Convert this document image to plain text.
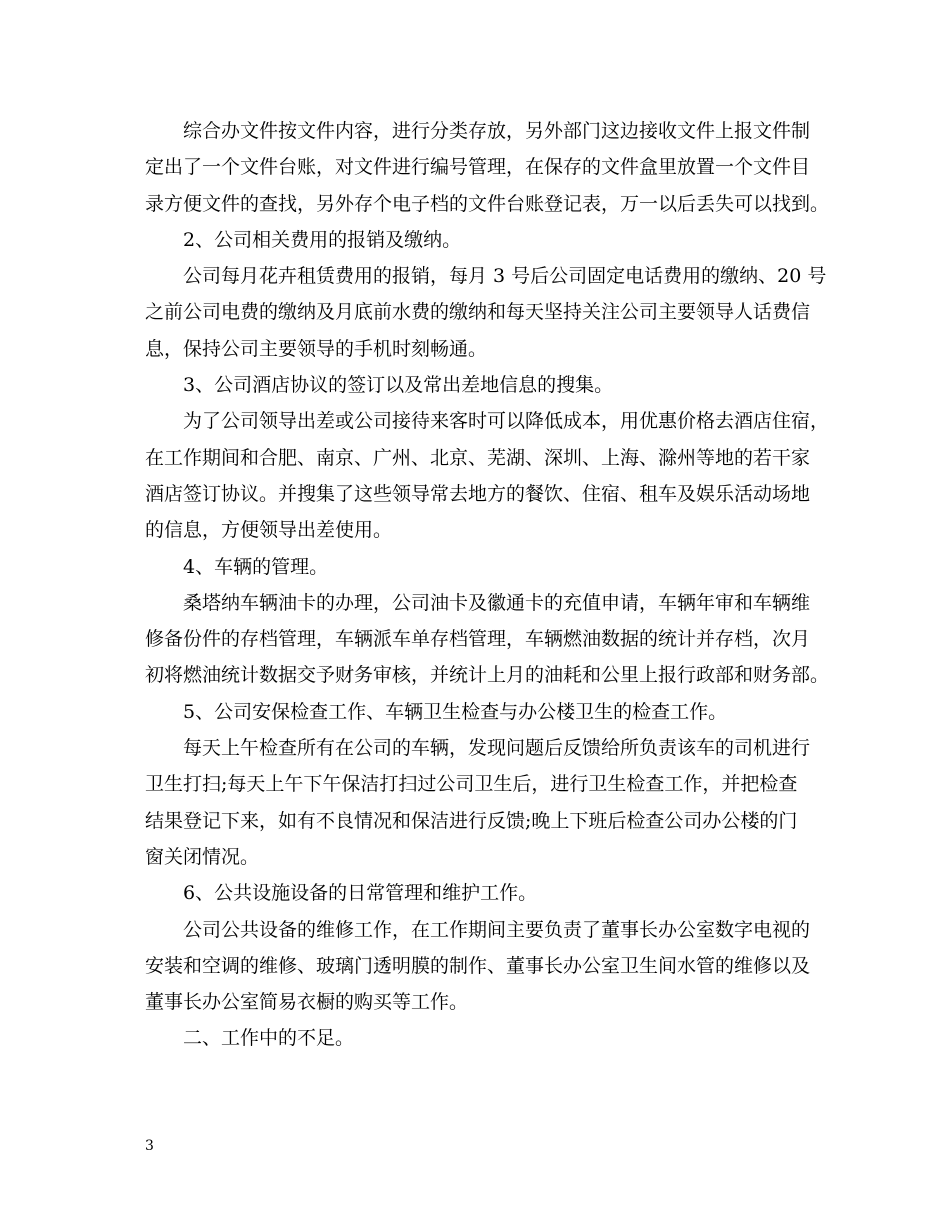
综合办文件按文件内容，进行分类存放，另外部门这边接收文件上报文件制
定出了一个文件台账，对文件进行编号管理，在保存的文件盒里放置一个文件目
录方便文件的查找，另外存个电子档的文件台账登记表，万一以后丢失可以找到。
2、公司相关费用的报销及缴纳。
公司每月花卉租赁费用的报销，每月 3 号后公司固定电话费用的缴纳、20 号
之前公司电费的缴纳及月底前水费的缴纳和每天坚持关注公司主要领导人话费信
息，保持公司主要领导的手机时刻畅通。
3、公司酒店协议的签订以及常出差地信息的搜集。
为了公司领导出差或公司接待来客时可以降低成本，用优惠价格去酒店住宿，
在工作期间和合肥、南京、广州、北京、芜湖、深圳、上海、滁州等地的若干家
酒店签订协议。并搜集了这些领导常去地方的餐饮、住宿、租车及娱乐活动场地
的信息，方便领导出差使用。
4、车辆的管理。
桑塔纳车辆油卡的办理，公司油卡及徽通卡的充值申请，车辆年审和车辆维
修备份件的存档管理，车辆派车单存档管理，车辆燃油数据的统计并存档，次月
初将燃油统计数据交予财务审核，并统计上月的油耗和公里上报行政部和财务部。
5、公司安保检查工作、车辆卫生检查与办公楼卫生的检查工作。
每天上午检查所有在公司的车辆，发现问题后反馈给所负责该车的司机进行
卫生打扫;每天上午下午保洁打扫过公司卫生后，进行卫生检查工作，并把检查
结果登记下来，如有不良情况和保洁进行反馈;晚上下班后检查公司办公楼的门
窗关闭情况。
6、公共设施设备的日常管理和维护工作。
公司公共设备的维修工作，在工作期间主要负责了董事长办公室数字电视的
安装和空调的维修、玻璃门透明膜的制作、董事长办公室卫生间水管的维修以及
董事长办公室简易衣橱的购买等工作。
二、工作中的不足。
3
